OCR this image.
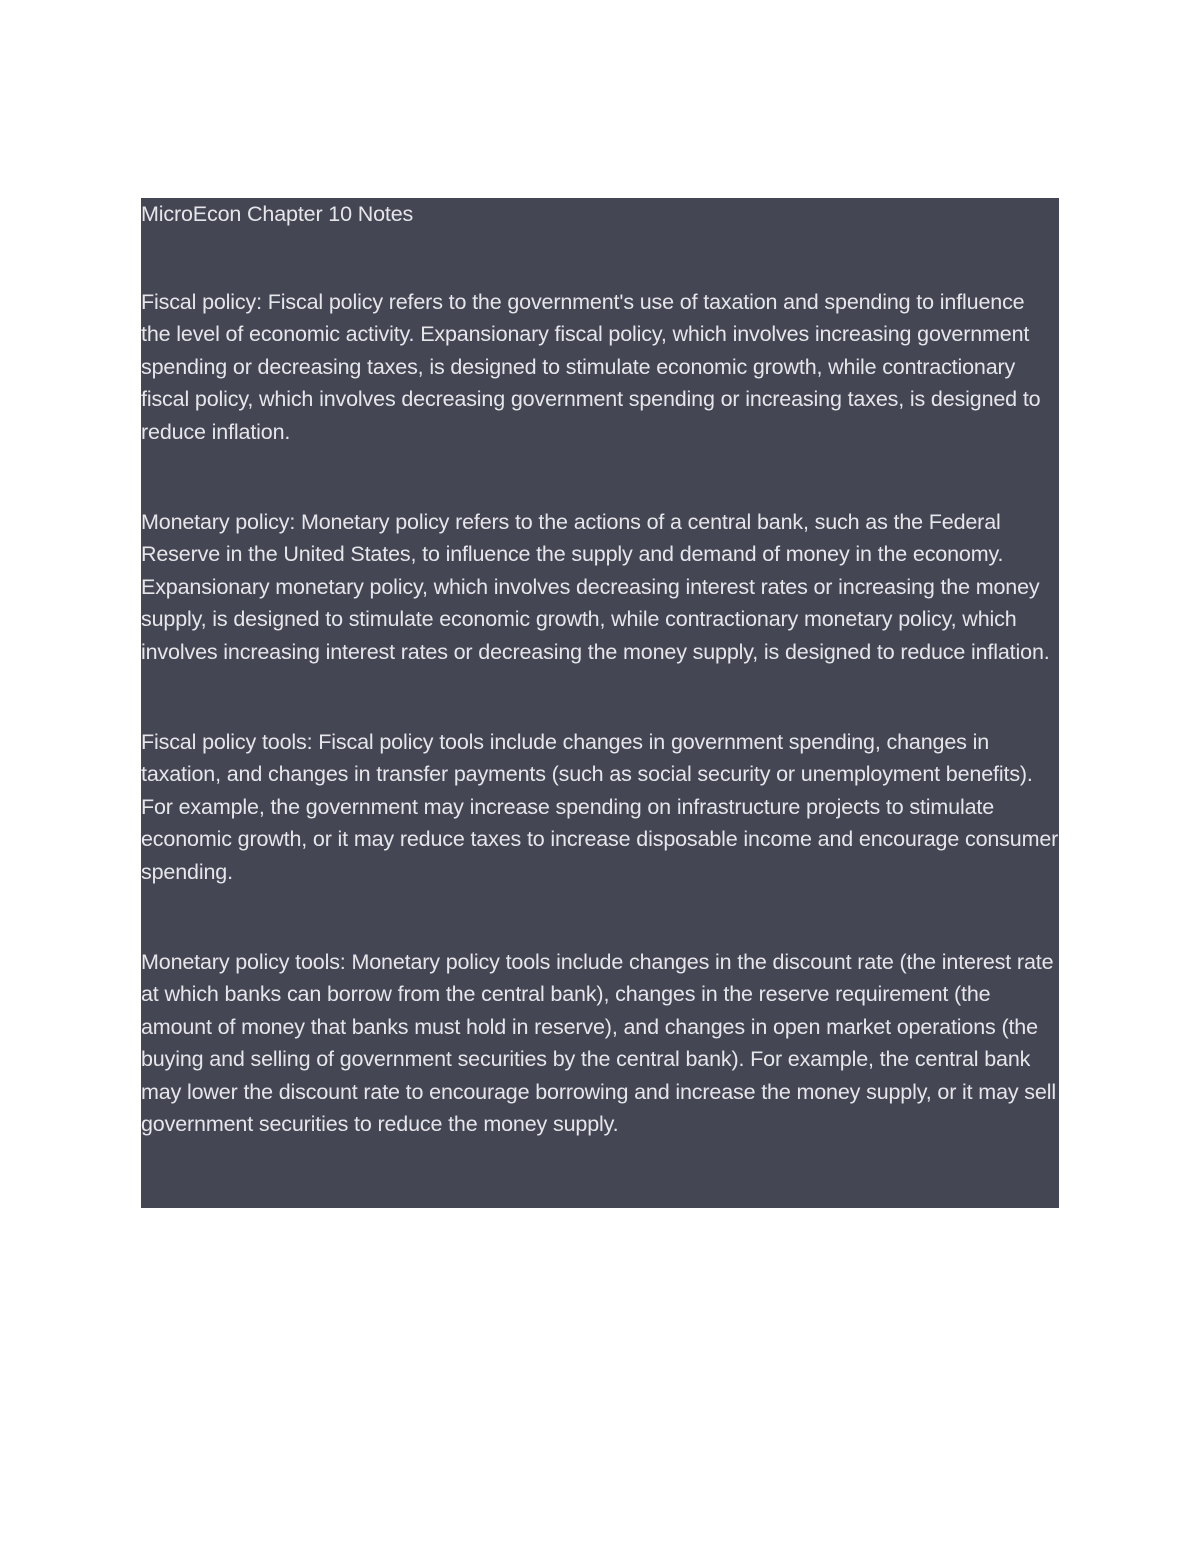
MicroEcon Chapter 10 Notes

Fiscal policy: Fiscal policy refers to the government's use of taxation and spending to influence the level of economic activity. Expansionary fiscal policy, which involves increasing government spending or decreasing taxes, is designed to stimulate economic growth, while contractionary fiscal policy, which involves decreasing government spending or increasing taxes, is designed to reduce inflation.

Monetary policy: Monetary policy refers to the actions of a central bank, such as the Federal Reserve in the United States, to influence the supply and demand of money in the economy. Expansionary monetary policy, which involves decreasing interest rates or increasing the money supply, is designed to stimulate economic growth, while contractionary monetary policy, which involves increasing interest rates or decreasing the money supply, is designed to reduce inflation.

Fiscal policy tools: Fiscal policy tools include changes in government spending, changes in taxation, and changes in transfer payments (such as social security or unemployment benefits). For example, the government may increase spending on infrastructure projects to stimulate economic growth, or it may reduce taxes to increase disposable income and encourage consumer spending.

Monetary policy tools: Monetary policy tools include changes in the discount rate (the interest rate at which banks can borrow from the central bank), changes in the reserve requirement (the amount of money that banks must hold in reserve), and changes in open market operations (the buying and selling of government securities by the central bank). For example, the central bank may lower the discount rate to encourage borrowing and increase the money supply, or it may sell government securities to reduce the money supply.
